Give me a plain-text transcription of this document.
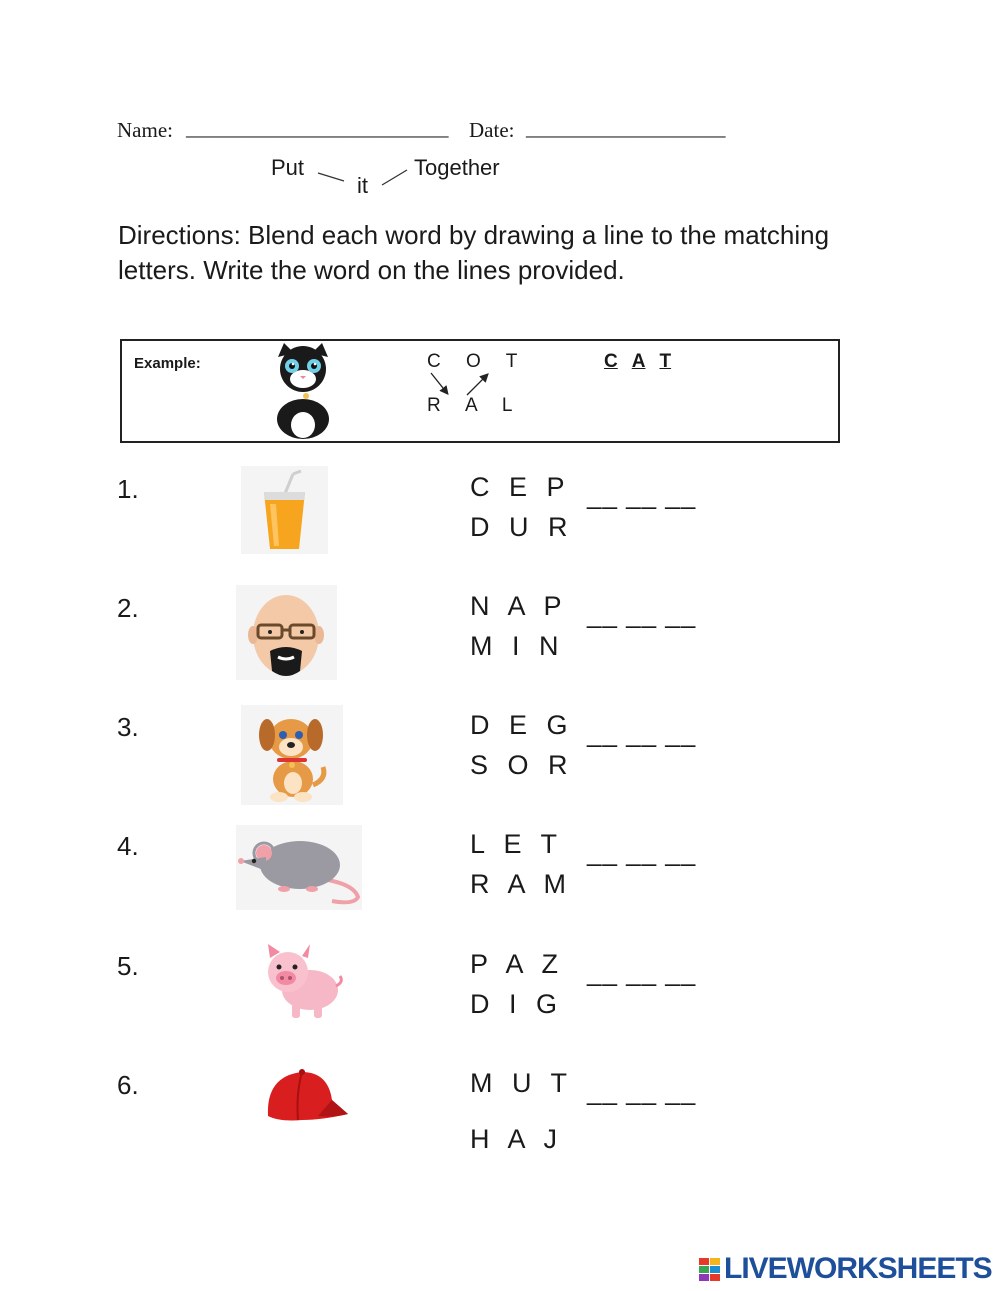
Name: _________________________ Date: ___________________
Put
it
Together
Directions: Blend each word by drawing a line to the matching letters. Write the word on the lines provided.
Example:	C O T
R A L
C A T
1.	C E P
D U R
__ __ __
2.	N A P
M I N
__ __ __
3.	D E G
S O R
__ __ __
4.	L E T
R A M
__ __ __
5.	P A Z
D I G
__ __ __
6.	M U T
H A J
__ __ __
LIVEWORKSHEETS
